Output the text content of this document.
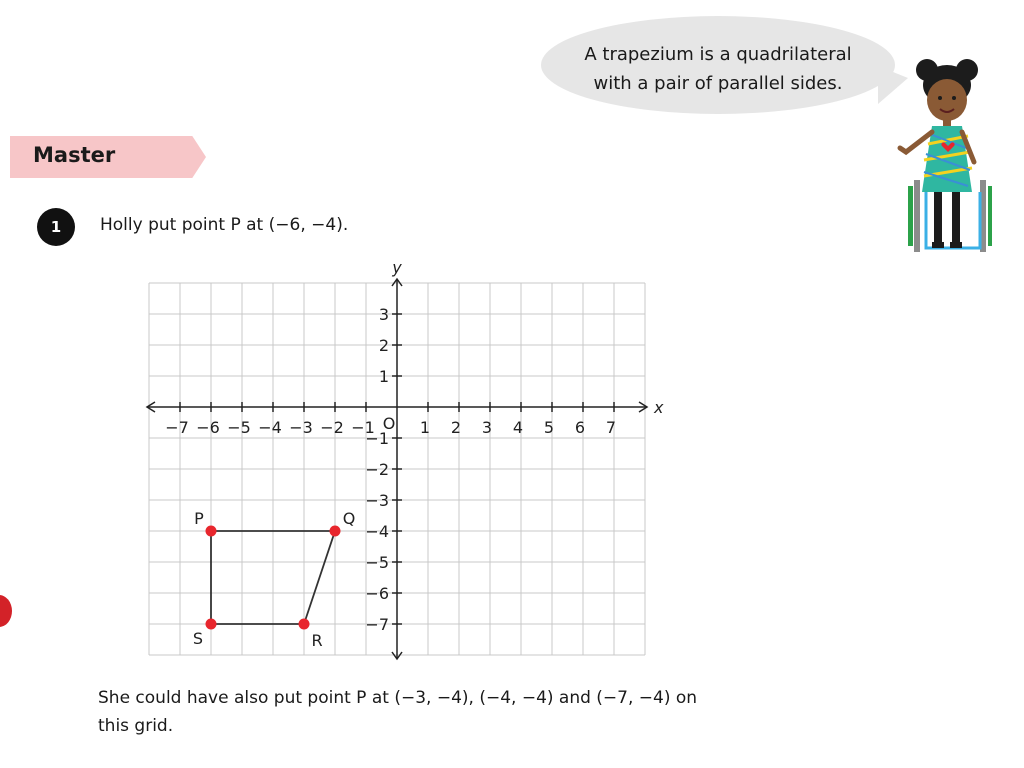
A trapezium is a quadrilateral
with a pair of parallel sides.
Master
1	Holly put point P at (−6, −4).
x
y
−7 −6 −5 −4 −3 −2 −1	1 2 3 4 5 6 7
3
2
1
−1
−2
−3
−4
−5
−6
−7
O
P	Q
R
S
She could have also put point P at (−3, −4), (−4, −4) and (−7, −4) on
this grid.
